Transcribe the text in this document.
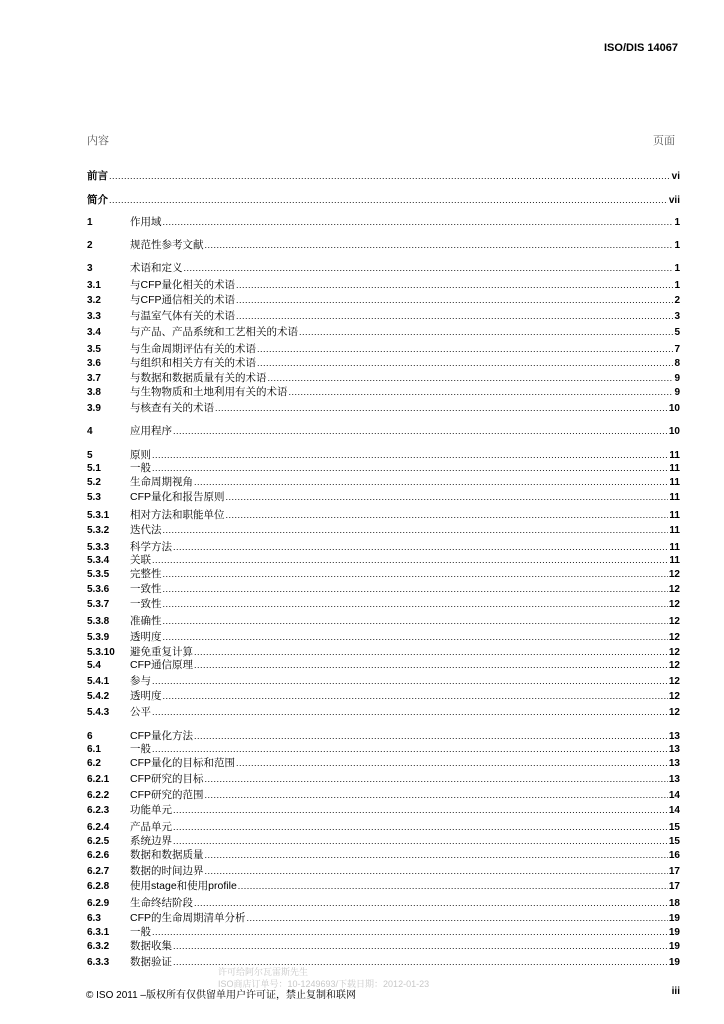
ISO/DIS 14067
内容	页面
前言 .....	vi
简介 .....	vii
1	作用域 .....	1
2	规范性参考文献 .....	1
3	术语和定义 .....	1
3.1	与CFP量化相关的术语 .....	1
3.2	与CFP通信相关的术语 .....	2
3.3	与温室气体有关的术语 .....	3
3.4	与产品、产品系统和工艺相关的术语 .....	5
3.5	与生命周期评估有关的术语 .....	7
3.6	与组织和相关方有关的术语 .....	8
3.7	与数据和数据质量有关的术语 .....	9
3.8	与生物物质和土地利用有关的术语 .....	9
3.9	与核查有关的术语 .....	10
4	应用程序 .....	10
5	原则 .....	11
5.1	一般 .....	11
5.2	生命周期视角 .....	11
5.3	CFP量化和报告原则 .....	11
5.3.1	相对方法和职能单位 .....	11
5.3.2	迭代法 .....	11
5.3.3	科学方法 .....	11
5.3.4	关联 .....	11
5.3.5	完整性 .....	12
5.3.6	一致性 .....	12
5.3.7	一致性 .....	12
5.3.8	准确性 .....	12
5.3.9	透明度 .....	12
5.3.10	避免重复计算 .....	12
5.4	CFP通信原理 .....	12
5.4.1	参与 .....	12
5.4.2	透明度 .....	12
5.4.3	公平 .....	12
6	CFP量化方法 .....	13
6.1	一般 .....	13
6.2	CFP量化的目标和范围 .....	13
6.2.1	CFP研究的目标 .....	13
6.2.2	CFP研究的范围 .....	14
6.2.3	功能单元 .....	14
6.2.4	产品单元 .....	15
6.2.5	系统边界 .....	15
6.2.6	数据和数据质量 .....	16
6.2.7	数据的时间边界 .....	17
6.2.8	使用stage和使用profile .....	17
6.2.9	生命终结阶段 .....	18
6.3	CFP的生命周期清单分析 .....	19
6.3.1	一般 .....	19
6.3.2	数据收集 .....	19
6.3.3	数据验证 .....	19
许可给阿尔瓦雷斯先生
ISO商店订单号：10-1249693/下载日期：2012-01-23
© ISO 2011 –版权所有仅供留单用户许可证，禁止复制和联网	iii
